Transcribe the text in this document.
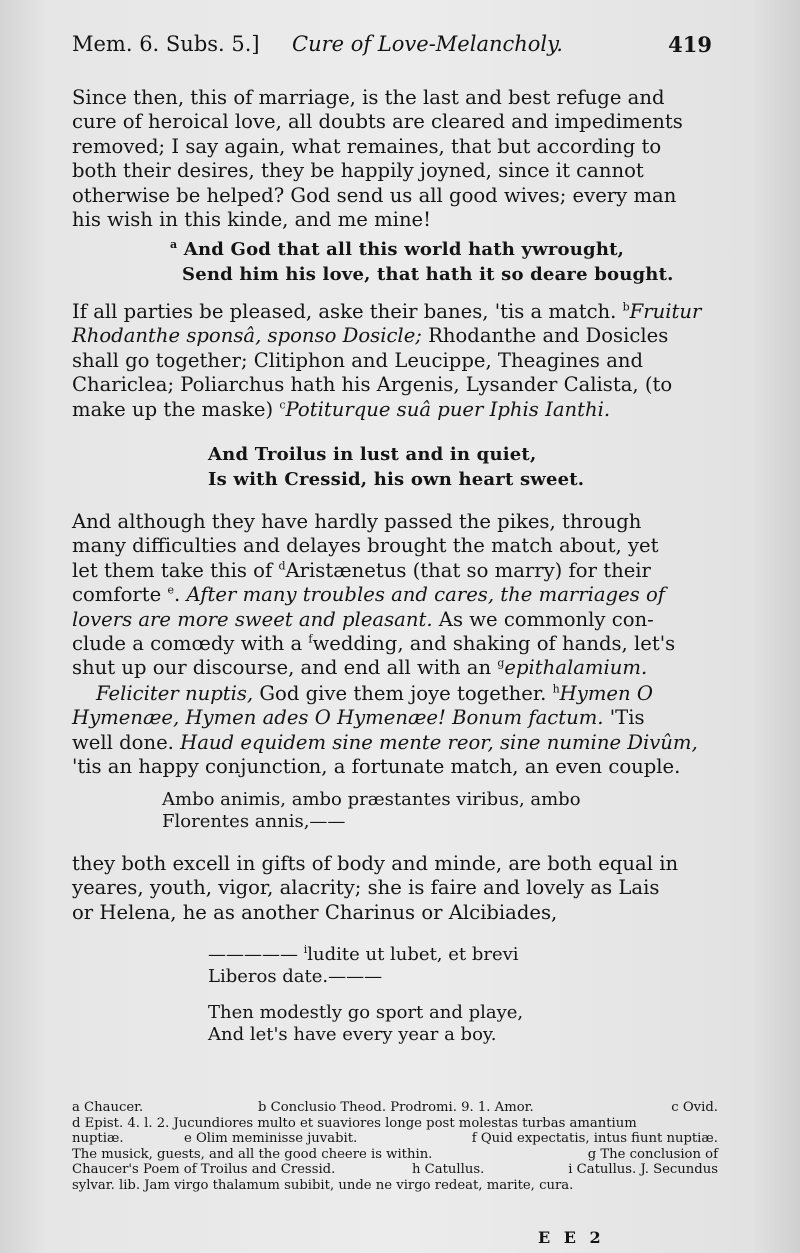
Mem. 6. Subs. 5.] Cure of Love-Melancholy.	419
Since then, this of marriage, is the last and best refuge and
cure of heroical love, all doubts are cleared and impediments
removed; I say again, what remaines, that but according to
both their desires, they be happily joyned, since it cannot
otherwise be helped? God send us all good wives; every man
his wish in this kinde, and me mine!
$^a$ And God that all this world hath ywrought,
Send him his love, that hath it so deare bought.
If all parties be pleased, aske their banes, 'tis a match. $^b$Fruitur
Rhodanthe sponsâ, sponso Dosicle; Rhodanthe and Dosicles
shall go together; Clitiphon and Leucippe, Theagines and
Chariclea; Poliarchus hath his Argenis, Lysander Calista, (to
make up the maske) $^c$Potiturque suâ puer Iphis Ianthi.
And Troilus in lust and in quiet,
Is with Cressid, his own heart sweet.
And although they have hardly passed the pikes, through
many difficulties and delayes brought the match about, yet
let them take this of $^d$Aristænetus (that so marry) for their
comforte $^e$. After many troubles and cares, the marriages of
lovers are more sweet and pleasant. As we commonly con-
clude a comœdy with a $^f$wedding, and shaking of hands, let's
shut up our discourse, and end all with an $^g$epithalamium.
Feliciter nuptis, God give them joye together. $^h$Hymen O
Hymenæe, Hymen ades O Hymenæe! Bonum factum. 'Tis
well done. Haud equidem sine mente reor, sine numine Divûm,
'tis an happy conjunction, a fortunate match, an even couple.
Ambo animis, ambo præstantes viribus, ambo
Florentes annis,——
they both excell in gifts of body and minde, are both equal in
yeares, youth, vigor, alacrity; she is faire and lovely as Lais
or Helena, he as another Charinus or Alcibiades,
————— $^i$ludite ut lubet, et brevi
Liberos date.———
Then modestly go sport and playe,
And let's have every year a boy.
a Chaucer.	b Conclusio Theod. Prodromi. 9. 1. Amor.	c Ovid.
d Epist. 4. l. 2. Jucundiores multo et suaviores longe post molestas turbas amantium
nuptiæ.	e Olim meminisse juvabit.	f Quid expectatis, intus fiunt nuptiæ.
The musick, guests, and all the good cheere is within.	g The conclusion of
Chaucer's Poem of Troilus and Cressid.	h Catullus.	i Catullus. J. Secundus
sylvar. lib. Jam virgo thalamum subibit, unde ne virgo redeat, marite, cura.
E E 2
